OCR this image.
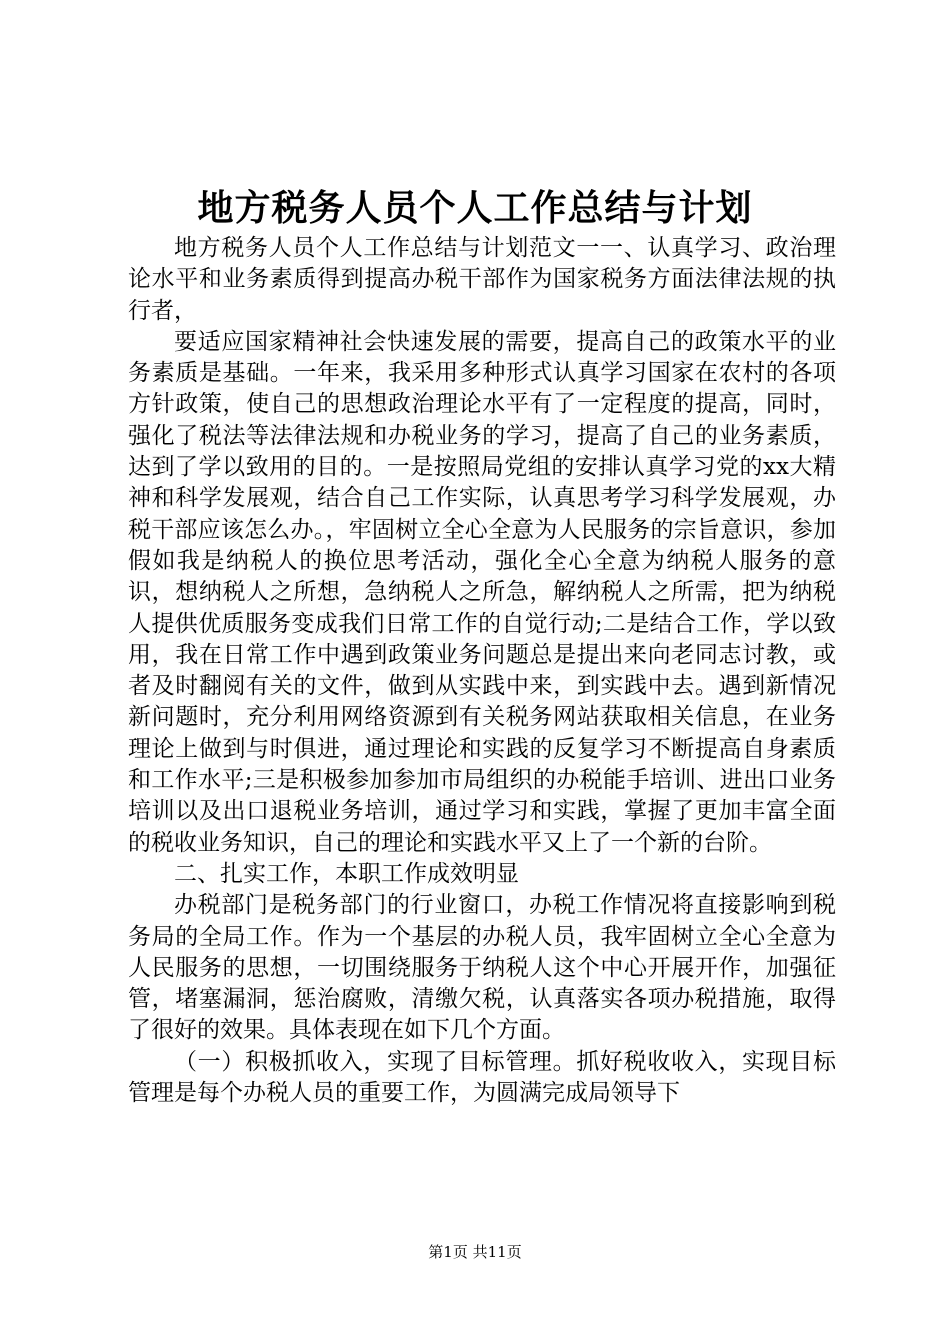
地方税务人员个人工作总结与计划

地方税务人员个人工作总结与计划范文一一、认真学习、政治理论水平和业务素质得到提高办税干部作为国家税务方面法律法规的执行者，

要适应国家精神社会快速发展的需要，提高自己的政策水平的业务素质是基础。一年来，我采用多种形式认真学习国家在农村的各项方针政策，使自己的思想政治理论水平有了一定程度的提高，同时，强化了税法等法律法规和办税业务的学习，提高了自己的业务素质，达到了学以致用的目的。一是按照局党组的安排认真学习党的xx大精神和科学发展观，结合自己工作实际，认真思考学习科学发展观，办税干部应该怎么办。，牢固树立全心全意为人民服务的宗旨意识，参加假如我是纳税人的换位思考活动，强化全心全意为纳税人服务的意识，想纳税人之所想，急纳税人之所急，解纳税人之所需，把为纳税人提供优质服务变成我们日常工作的自觉行动;二是结合工作，学以致用，我在日常工作中遇到政策业务问题总是提出来向老同志讨教，或者及时翻阅有关的文件，做到从实践中来，到实践中去。遇到新情况新问题时，充分利用网络资源到有关税务网站获取相关信息，在业务理论上做到与时俱进，通过理论和实践的反复学习不断提高自身素质和工作水平;三是积极参加参加市局组织的办税能手培训、进出口业务培训以及出口退税业务培训，通过学习和实践，掌握了更加丰富全面的税收业务知识，自己的理论和实践水平又上了一个新的台阶。

二、扎实工作，本职工作成效明显

办税部门是税务部门的行业窗口，办税工作情况将直接影响到税务局的全局工作。作为一个基层的办税人员，我牢固树立全心全意为人民服务的思想，一切围绕服务于纳税人这个中心开展开作，加强征管，堵塞漏洞，惩治腐败，清缴欠税，认真落实各项办税措施，取得了很好的效果。具体表现在如下几个方面。

（一）积极抓收入，实现了目标管理。抓好税收收入，实现目标管理是每个办税人员的重要工作，为圆满完成局领导下

第1页 共11页
